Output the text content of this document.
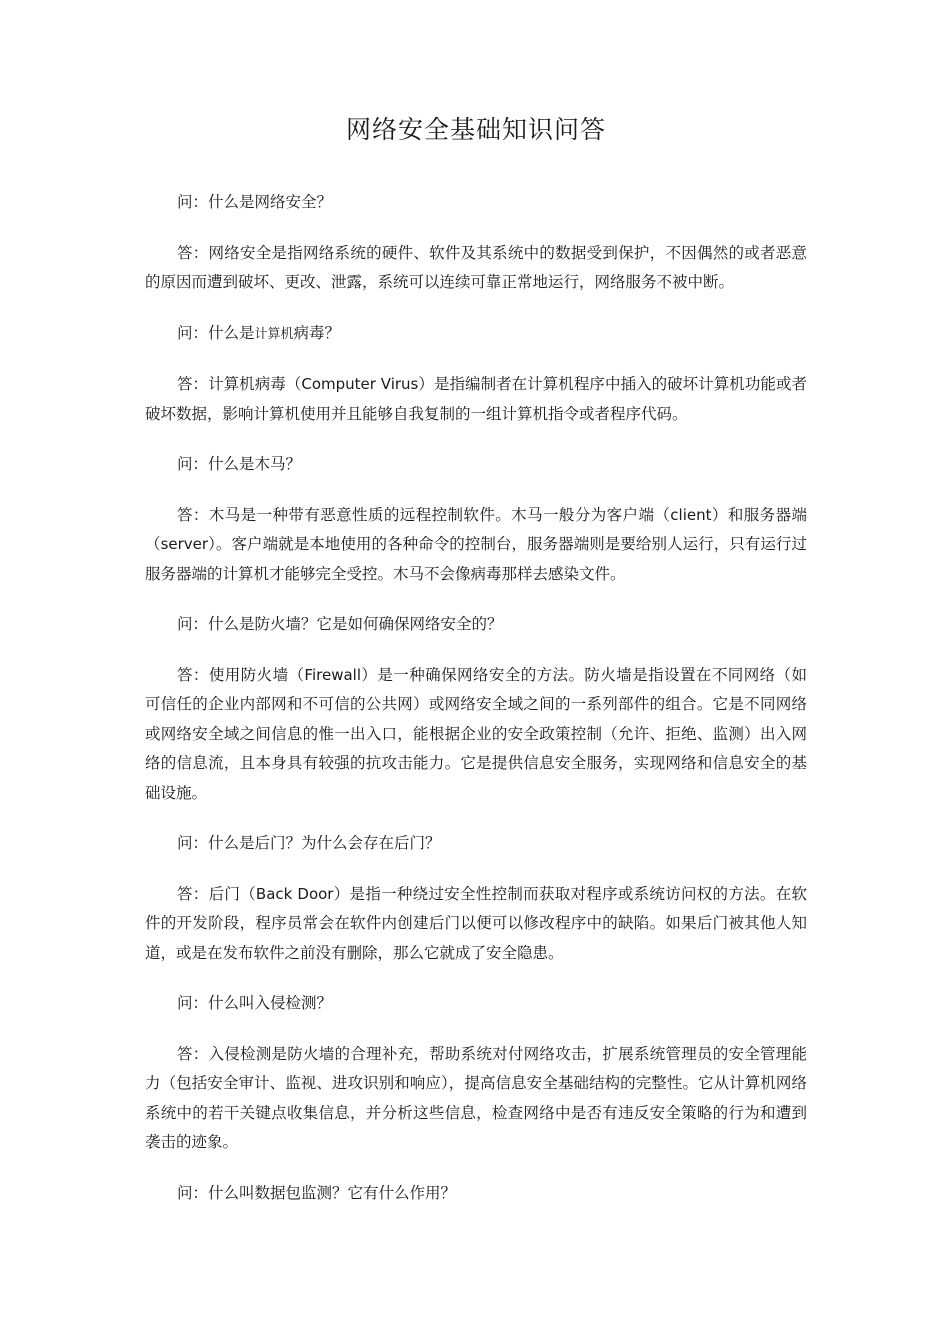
网络安全基础知识问答

问：什么是网络安全？

答：网络安全是指网络系统的硬件、软件及其系统中的数据受到保护，不因偶然的或者恶意的原因而遭到破坏、更改、泄露，系统可以连续可靠正常地运行，网络服务不被中断。

问：什么是计算机病毒？

答：计算机病毒（Computer Virus）是指编制者在计算机程序中插入的破坏计算机功能或者破坏数据，影响计算机使用并且能够自我复制的一组计算机指令或者程序代码。

问：什么是木马？

答：木马是一种带有恶意性质的远程控制软件。木马一般分为客户端（client）和服务器端（server）。客户端就是本地使用的各种命令的控制台，服务器端则是要给别人运行，只有运行过服务器端的计算机才能够完全受控。木马不会像病毒那样去感染文件。

问：什么是防火墙？它是如何确保网络安全的？

答：使用防火墙（Firewall）是一种确保网络安全的方法。防火墙是指设置在不同网络（如可信任的企业内部网和不可信的公共网）或网络安全域之间的一系列部件的组合。它是不同网络或网络安全域之间信息的惟一出入口，能根据企业的安全政策控制（允许、拒绝、监测）出入网络的信息流，且本身具有较强的抗攻击能力。它是提供信息安全服务，实现网络和信息安全的基础设施。

问：什么是后门？为什么会存在后门？

答：后门（Back Door）是指一种绕过安全性控制而获取对程序或系统访问权的方法。在软件的开发阶段，程序员常会在软件内创建后门以便可以修改程序中的缺陷。如果后门被其他人知道，或是在发布软件之前没有删除，那么它就成了安全隐患。

问：什么叫入侵检测？

答：入侵检测是防火墙的合理补充，帮助系统对付网络攻击，扩展系统管理员的安全管理能力（包括安全审计、监视、进攻识别和响应），提高信息安全基础结构的完整性。它从计算机网络系统中的若干关键点收集信息，并分析这些信息，检查网络中是否有违反安全策略的行为和遭到袭击的迹象。

问：什么叫数据包监测？它有什么作用？
